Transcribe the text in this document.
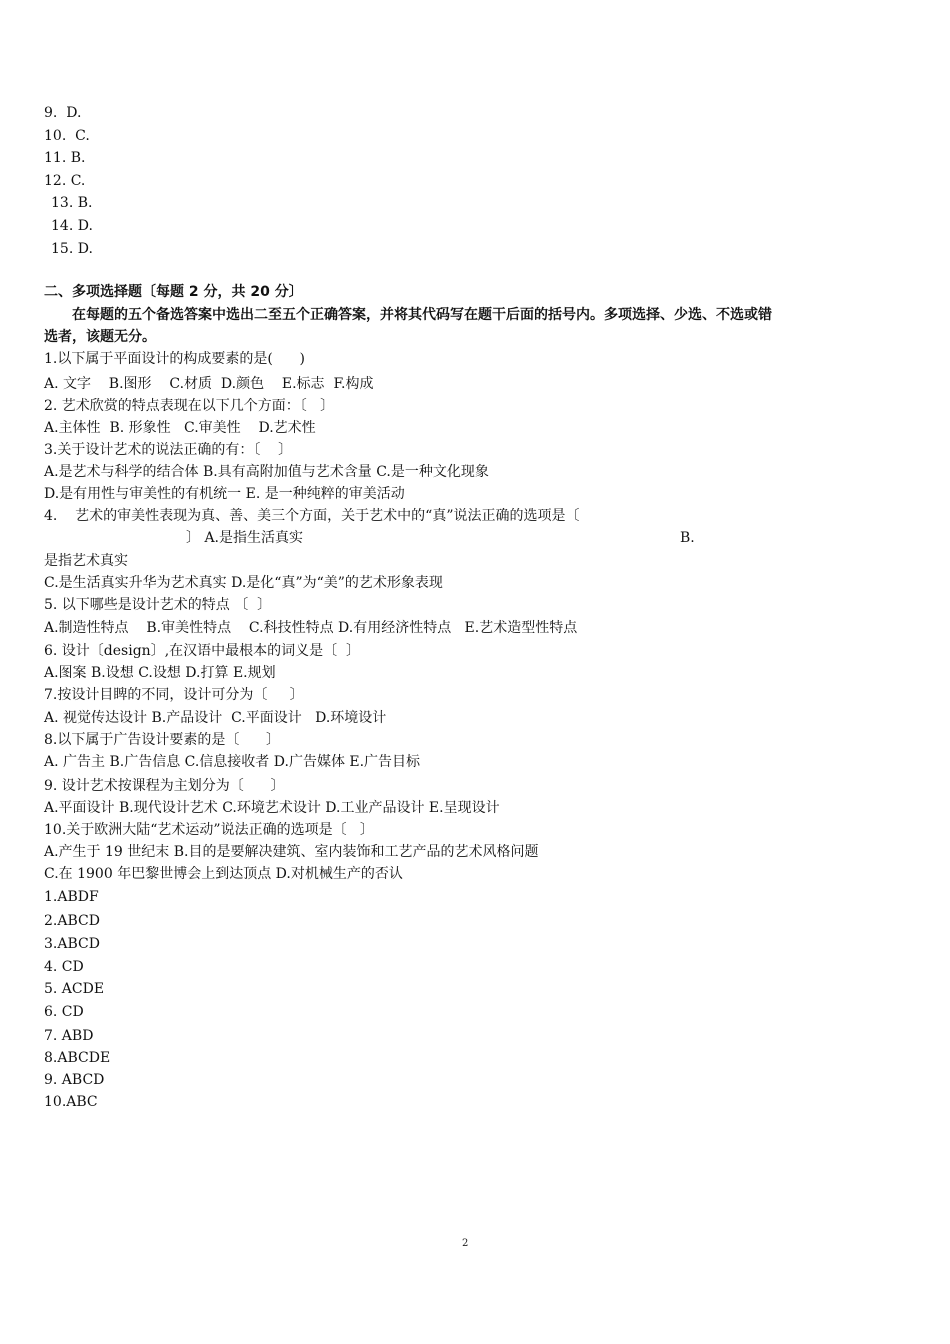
9.  D.
10.  C.
11. B.
12. C.
13. B.
14. D.
15. D.
二、多项选择题〔每题 2 分，共 20 分〕
在每题的五个备选答案中选出二至五个正确答案，并将其代码写在题干后面的括号内。多项选择、少选、不选或错
选者，该题无分。
1.以下属于平面设计的构成要素的是(      )
A. 文字    B.图形    C.材质  D.颜色    E.标志  F.构成
2. 艺术欣赏的特点表现在以下几个方面：〔   〕
A.主体性  B. 形象性   C.审美性    D.艺术性
3.关于设计艺术的说法正确的有：〔    〕
A.是艺术与科学的结合体 B.具有高附加值与艺术含量 C.是一种文化现象
D.是有用性与审美性的有机统一 E. 是一种纯粹的审美活动
4.    艺术的审美性表现为真、善、美三个方面，关于艺术中的“真”说法正确的选项是〔
〕 A.是指生活真实	B.
是指艺术真实
C.是生活真实升华为艺术真实 D.是化“真”为“美”的艺术形象表现
5. 以下哪些是设计艺术的特点 〔  〕
A.制造性特点    B.审美性特点    C.科技性特点 D.有用经济性特点   E.艺术造型性特点
6. 设计〔design〕,在汉语中最根本的词义是〔  〕
A.图案 B.设想 C.设想 D.打算 E.规划
7.按设计目睥的不同，设计可分为〔     〕
A. 视觉传达设计 B.产品设计  C.平面设计   D.环境设计
8.以下属于广告设计要素的是〔      〕
A. 广告主 B.广告信息 C.信息接收者 D.广告媒体 E.广告目标
9. 设计艺术按课程为主划分为〔      〕
A.平面设计 B.现代设计艺术 C.环境艺术设计 D.工业产品设计 E.呈现设计
10.关于欧洲大陆“艺术运动”说法正确的选项是〔   〕
A.产生于 19 世纪末 B.目的是要解决建筑、室内装饰和工艺产品的艺术风格问题
C.在 1900 年巴黎世博会上到达顶点 D.对机械生产的否认
1.ABDF
2.ABCD
3.ABCD
4. CD
5. ACDE
6. CD
7. ABD
8.ABCDE
9. ABCD
10.ABC
2
